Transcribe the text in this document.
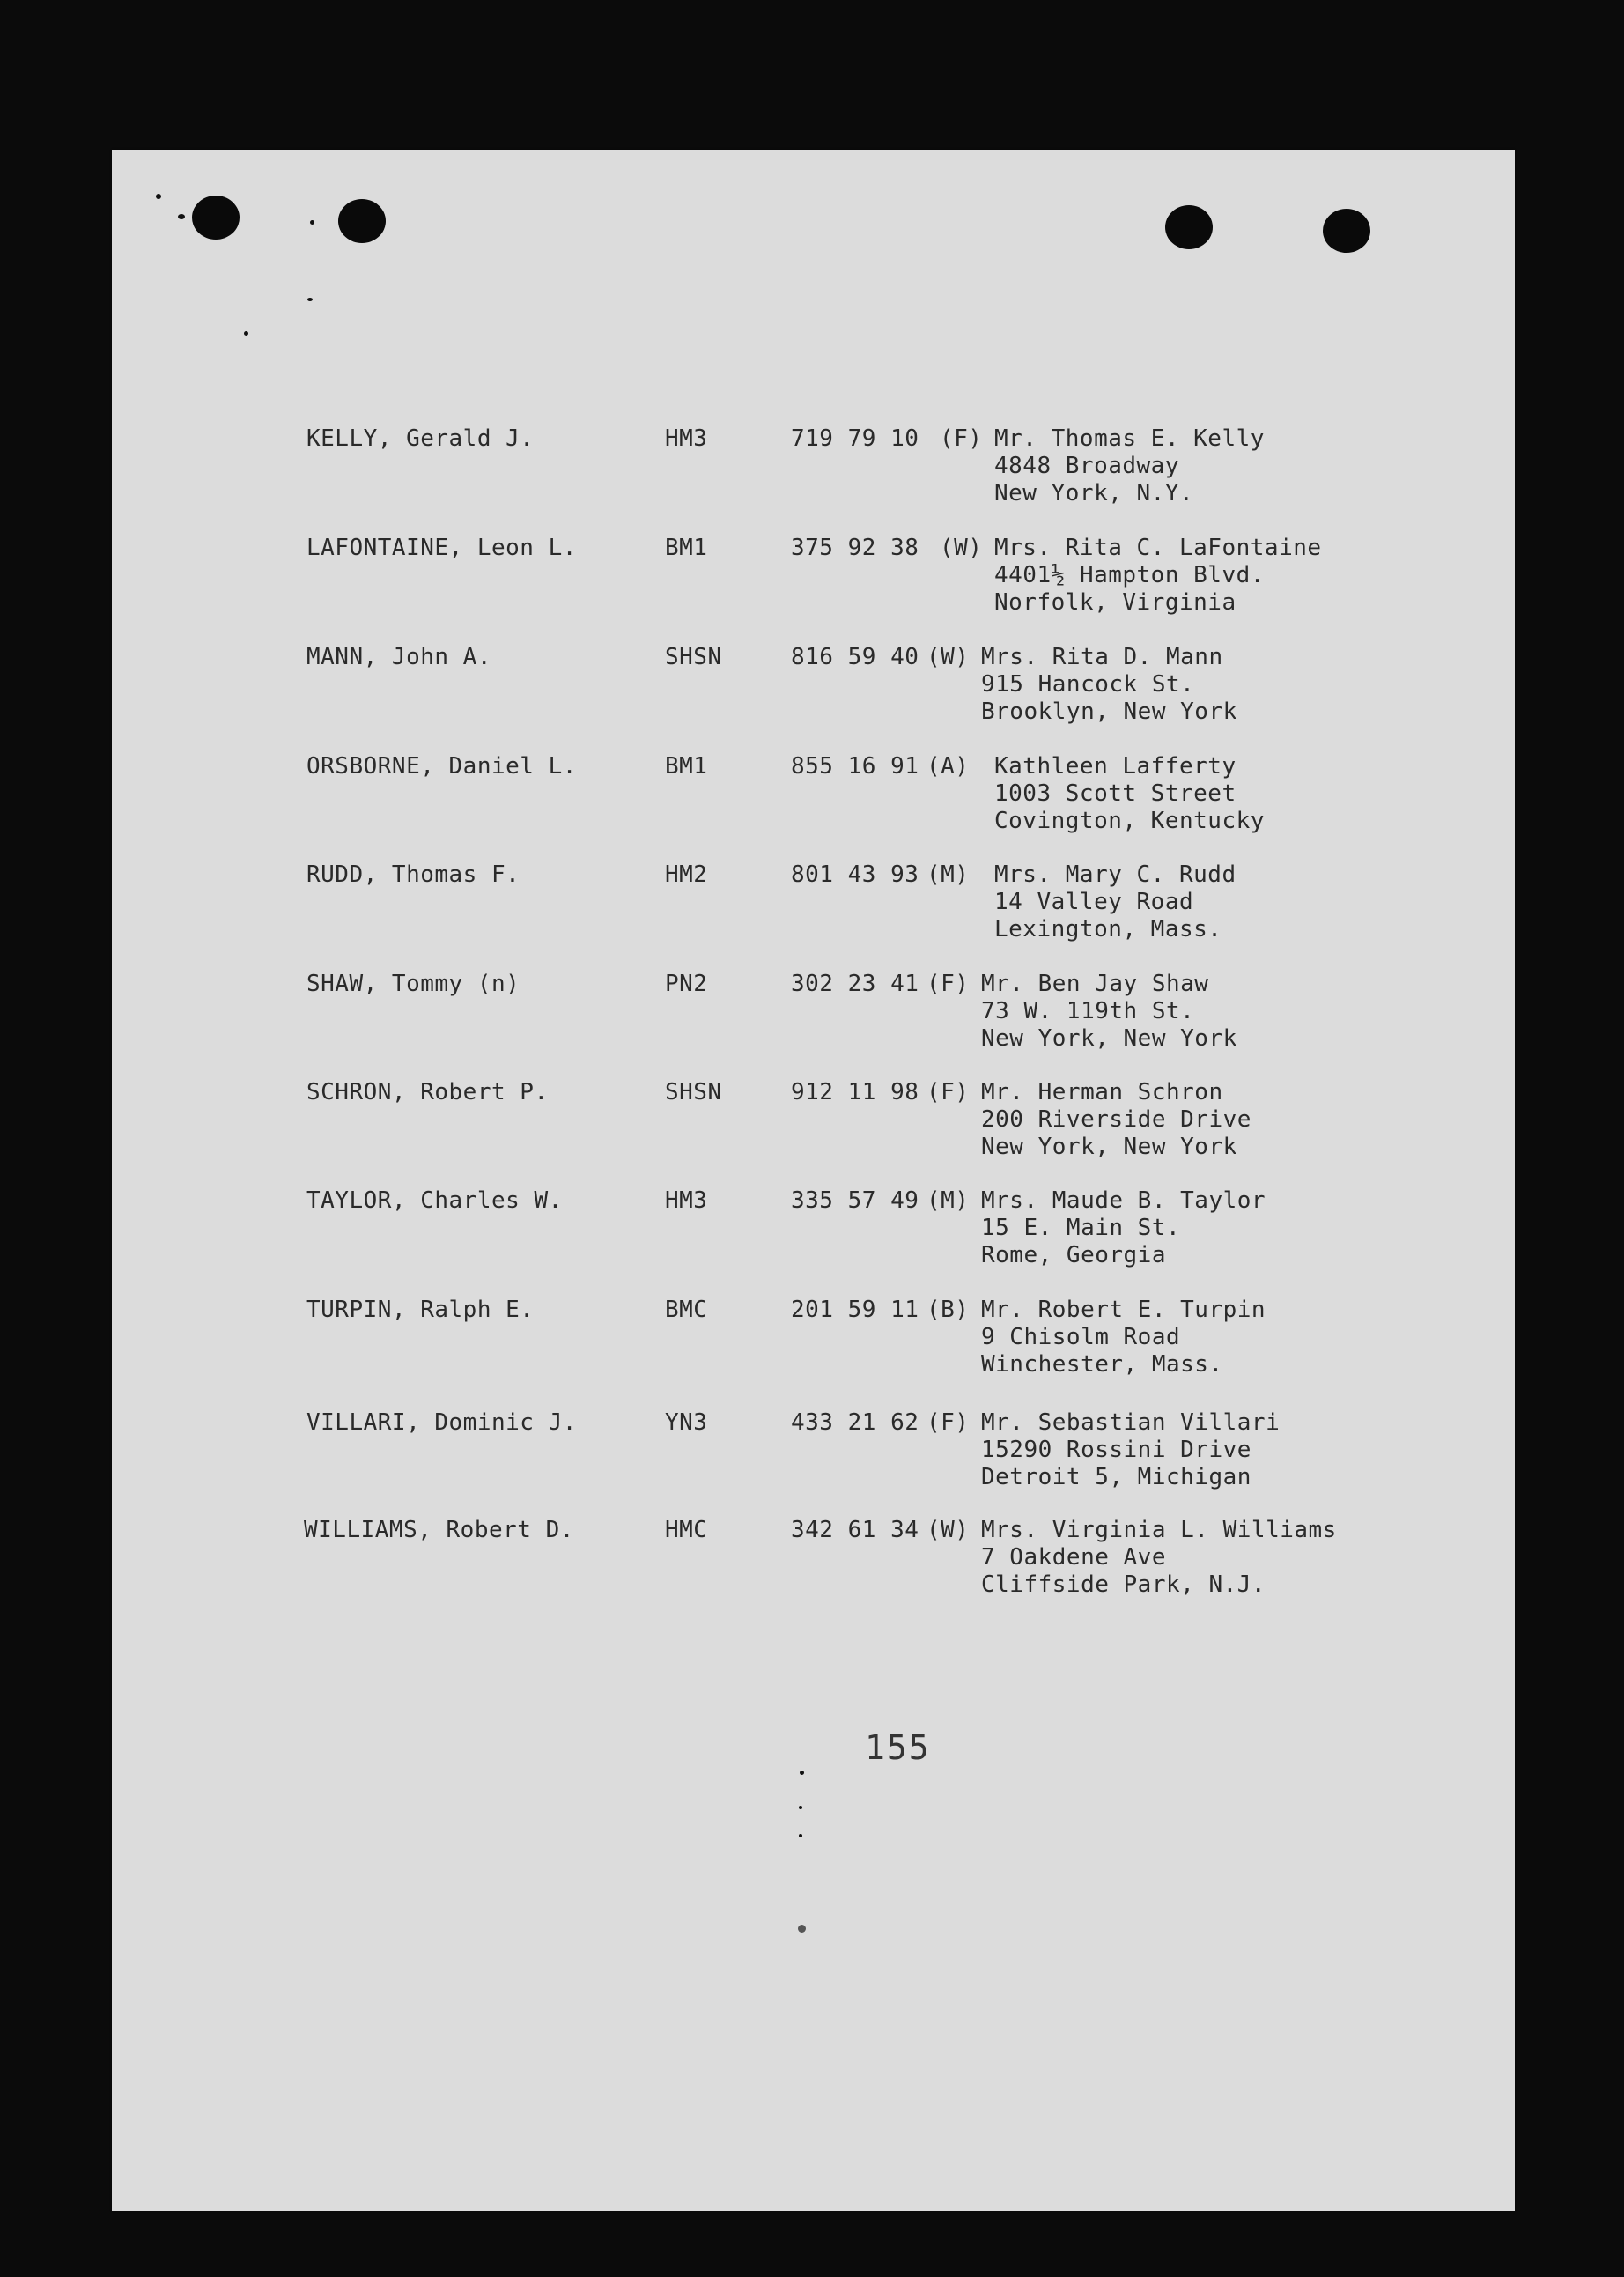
KELLY, Gerald J.	HM3	719 79 10 (F) Mr. Thomas E. Kelly
4848 Broadway
New York, N.Y.
LAFONTAINE, Leon L.	BM1	375 92 38 (W) Mrs. Rita C. LaFontaine
4401½ Hampton Blvd.
Norfolk, Virginia
MANN, John A.	SHSN	816 59 40 (W) Mrs. Rita D. Mann
915 Hancock St.
Brooklyn, New York
ORSBORNE, Daniel L.	BM1	855 16 91 (A) Kathleen Lafferty
1003 Scott Street
Covington, Kentucky
RUDD, Thomas F.	HM2	801 43 93 (M) Mrs. Mary C. Rudd
14 Valley Road
Lexington, Mass.
SHAW, Tommy (n)	PN2	302 23 41 (F) Mr. Ben Jay Shaw
73 W. 119th St.
New York, New York
SCHRON, Robert P.	SHSN	912 11 98 (F) Mr. Herman Schron
200 Riverside Drive
New York, New York
TAYLOR, Charles W.	HM3	335 57 49 (M) Mrs. Maude B. Taylor
15 E. Main St.
Rome, Georgia
TURPIN, Ralph E.	BMC	201 59 11 (B) Mr. Robert E. Turpin
9 Chisolm Road
Winchester, Mass.
VILLARI, Dominic J.	YN3	433 21 62 (F) Mr. Sebastian Villari
15290 Rossini Drive
Detroit 5, Michigan
WILLIAMS, Robert D.	HMC	342 61 34 (W) Mrs. Virginia L. Williams
7 Oakdene Ave
Cliffside Park, N.J.
155
